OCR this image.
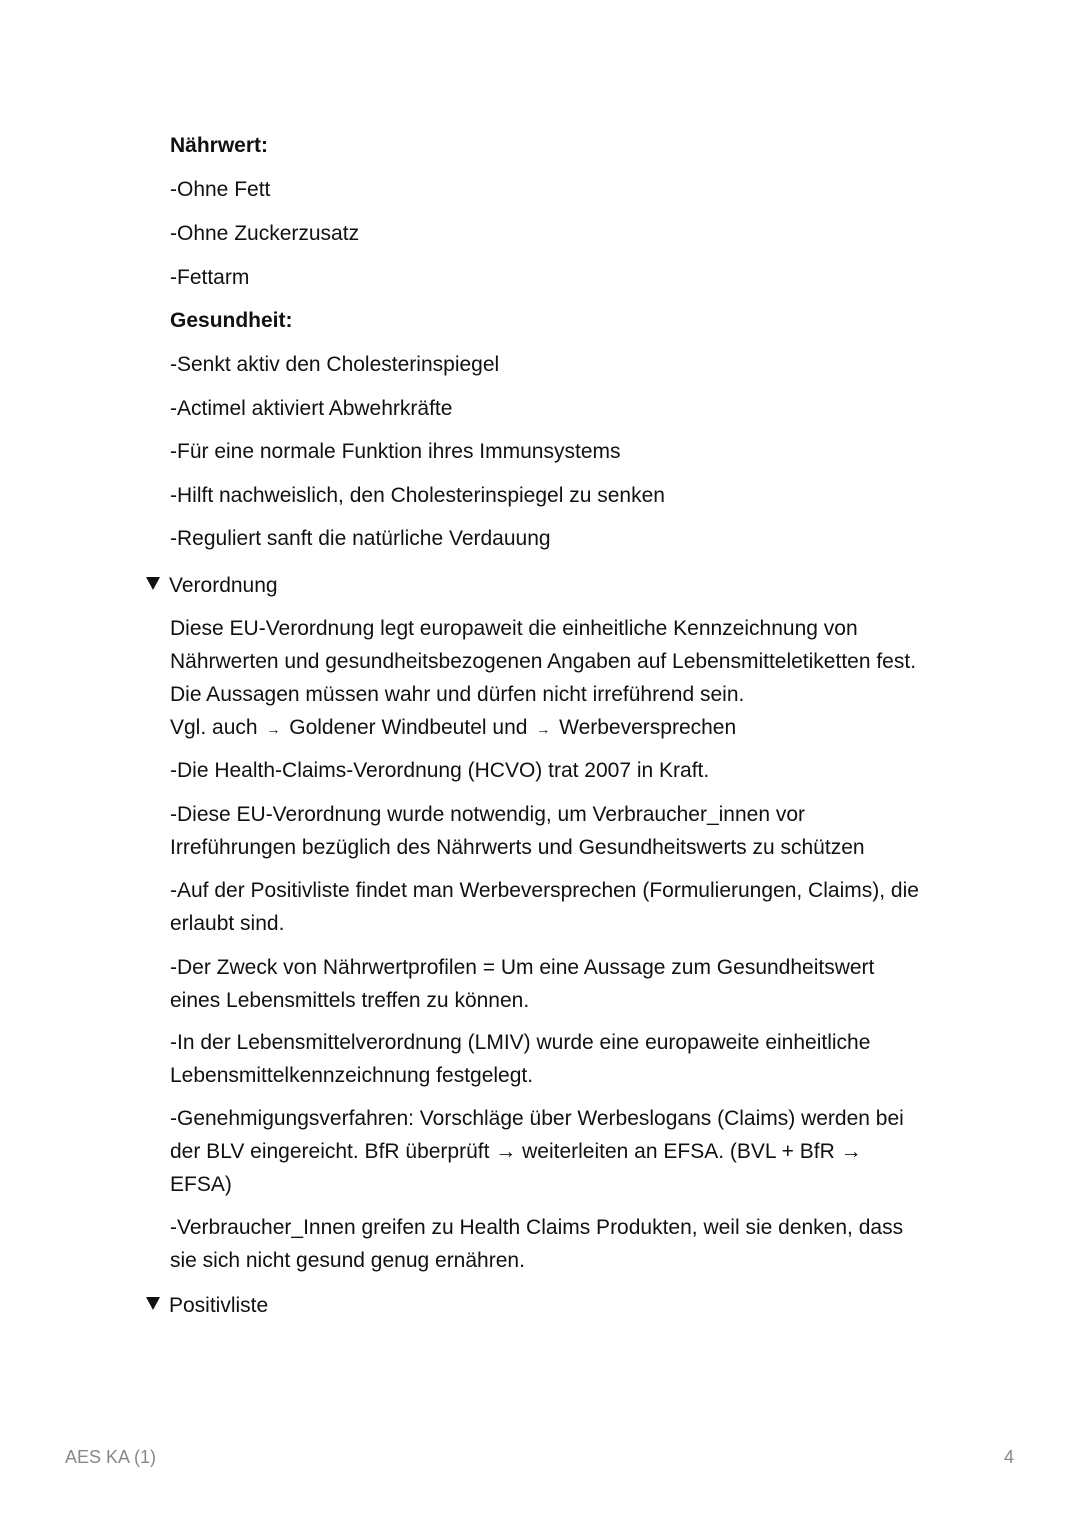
Nährwert:
-Ohne Fett
-Ohne Zuckerzusatz
-Fettarm
Gesundheit:
-Senkt aktiv den Cholesterinspiegel
-Actimel aktiviert Abwehrkräfte
-Für eine normale Funktion ihres Immunsystems
-Hilft nachweislich, den Cholesterinspiegel zu senken
-Reguliert sanft die natürliche Verdauung
Verordnung
Diese EU-Verordnung legt europaweit die einheitliche Kennzeichnung von
Nährwerten und gesundheitsbezogenen Angaben auf Lebensmitteletiketten fest.
Die Aussagen müssen wahr und dürfen nicht irreführend sein.
Vgl. auch → Goldener Windbeutel und → Werbeversprechen
-Die Health-Claims-Verordnung (HCVO) trat 2007 in Kraft.
-Diese EU-Verordnung wurde notwendig, um Verbraucher_innen vor
Irreführungen bezüglich des Nährwerts und Gesundheitswerts zu schützen
-Auf der Positivliste findet man Werbeversprechen (Formulierungen, Claims), die
erlaubt sind.
-Der Zweck von Nährwertprofilen = Um eine Aussage zum Gesundheitswert
eines Lebensmittels treffen zu können.
-In der Lebensmittelverordnung (LMIV) wurde eine europaweite einheitliche
Lebensmittelkennzeichnung festgelegt.
-Genehmigungsverfahren: Vorschläge über Werbeslogans (Claims) werden bei
der BLV eingereicht. BfR überprüft → weiterleiten an EFSA. (BVL + BfR →
EFSA)
-Verbraucher_Innen greifen zu Health Claims Produkten, weil sie denken, dass
sie sich nicht gesund genug ernähren.
Positivliste
AES KA (1)	4
